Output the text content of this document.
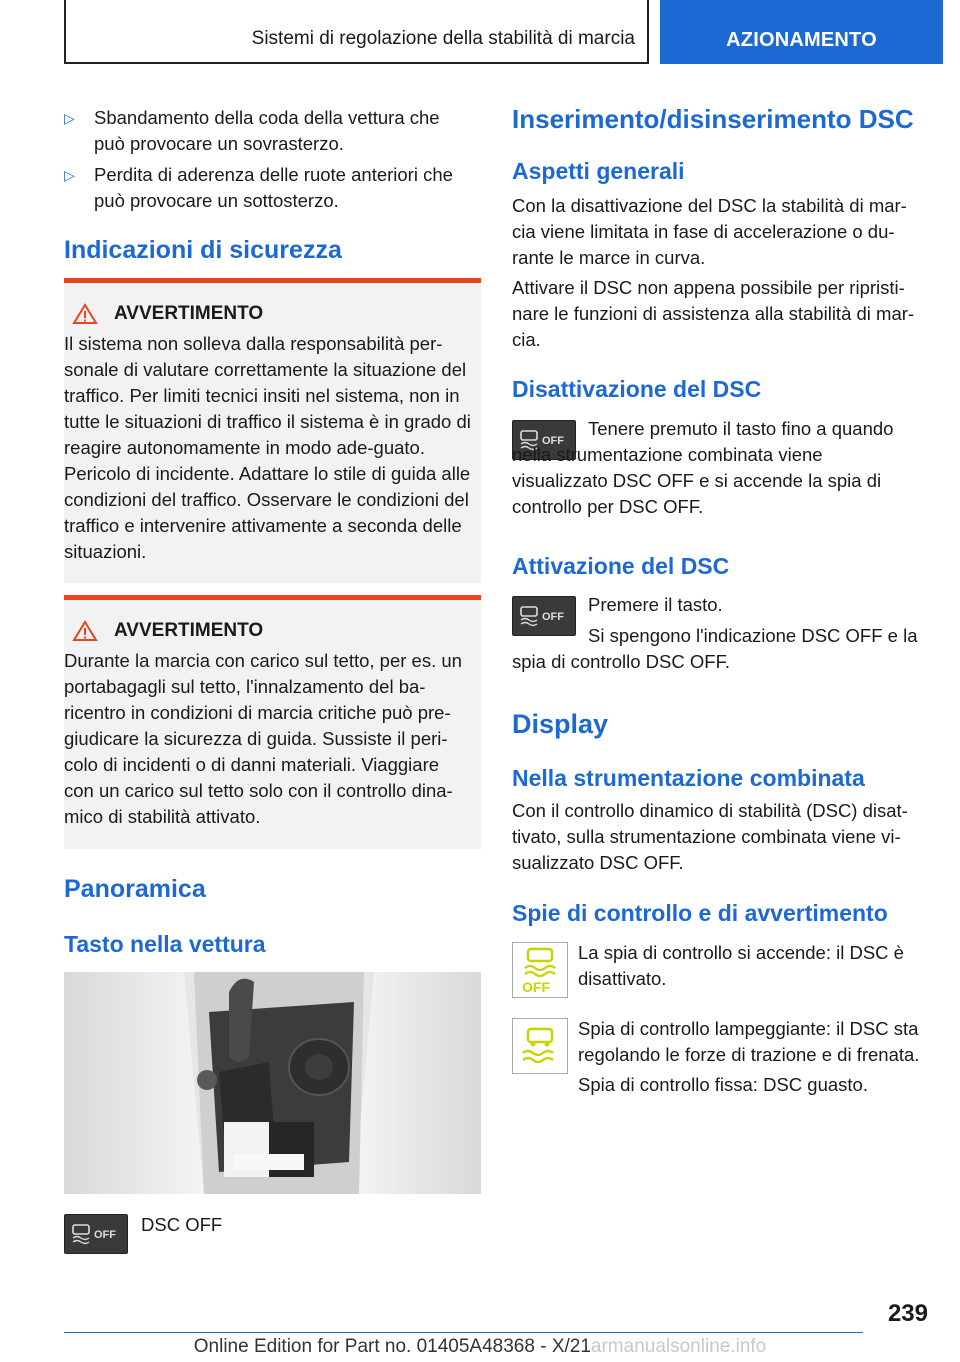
Sistemi di regolazione della stabilità di marcia	AZIONAMENTO
▷ Sbandamento della coda della vettura che può provocare un sovrasterzo.
▷ Perdita di aderenza delle ruote anteriori che può provocare un sottosterzo.
Indicazioni di sicurezza
AVVERTIMENTO
Il sistema non solleva dalla responsabilità per-sonale di valutare correttamente la situazione del traffico. Per limiti tecnici insiti nel sistema, non in tutte le situazioni di traffico il sistema è in grado di reagire autonomamente in modo ade-guato. Pericolo di incidente. Adattare lo stile di guida alle condizioni del traffico. Osservare le condizioni del traffico e intervenire attivamente a seconda delle situazioni.
AVVERTIMENTO
Durante la marcia con carico sul tetto, per es. un portabagagli sul tetto, l'innalzamento del ba-ricentro in condizioni di marcia critiche può pre-giudicare la sicurezza di guida. Sussiste il peri-colo di incidenti o di danni materiali. Viaggiare con un carico sul tetto solo con il controllo dina-mico di stabilità attivato.
Panoramica
Tasto nella vettura
OFF DSC OFF
Inserimento/disinserimento DSC
Aspetti generali
Con la disattivazione del DSC la stabilità di mar-cia viene limitata in fase di accelerazione o du-rante le marce in curva.
Attivare il DSC non appena possibile per ripristi-nare le funzioni di assistenza alla stabilità di mar-cia.
Disattivazione del DSC
OFF
Tenere premuto il tasto fino a quando nella strumentazione combinata viene visualizzato DSC OFF e si accende la spia di controllo per DSC OFF.
Attivazione del DSC
OFF
Premere il tasto.
Si spengono l'indicazione DSC OFF e la spia di controllo DSC OFF.
Display
Nella strumentazione combinata
Con il controllo dinamico di stabilità (DSC) disat-tivato, sulla strumentazione combinata viene vi-sualizzato DSC OFF.
Spie di controllo e di avvertimento
OFF
La spia di controllo si accende: il DSC è disattivato.
Spia di controllo lampeggiante: il DSC sta regolando le forze di trazione e di frenata.
Spia di controllo fissa: DSC guasto.
239
Online Edition for Part no. 01405A48368 - X/21armanualsonline.info
